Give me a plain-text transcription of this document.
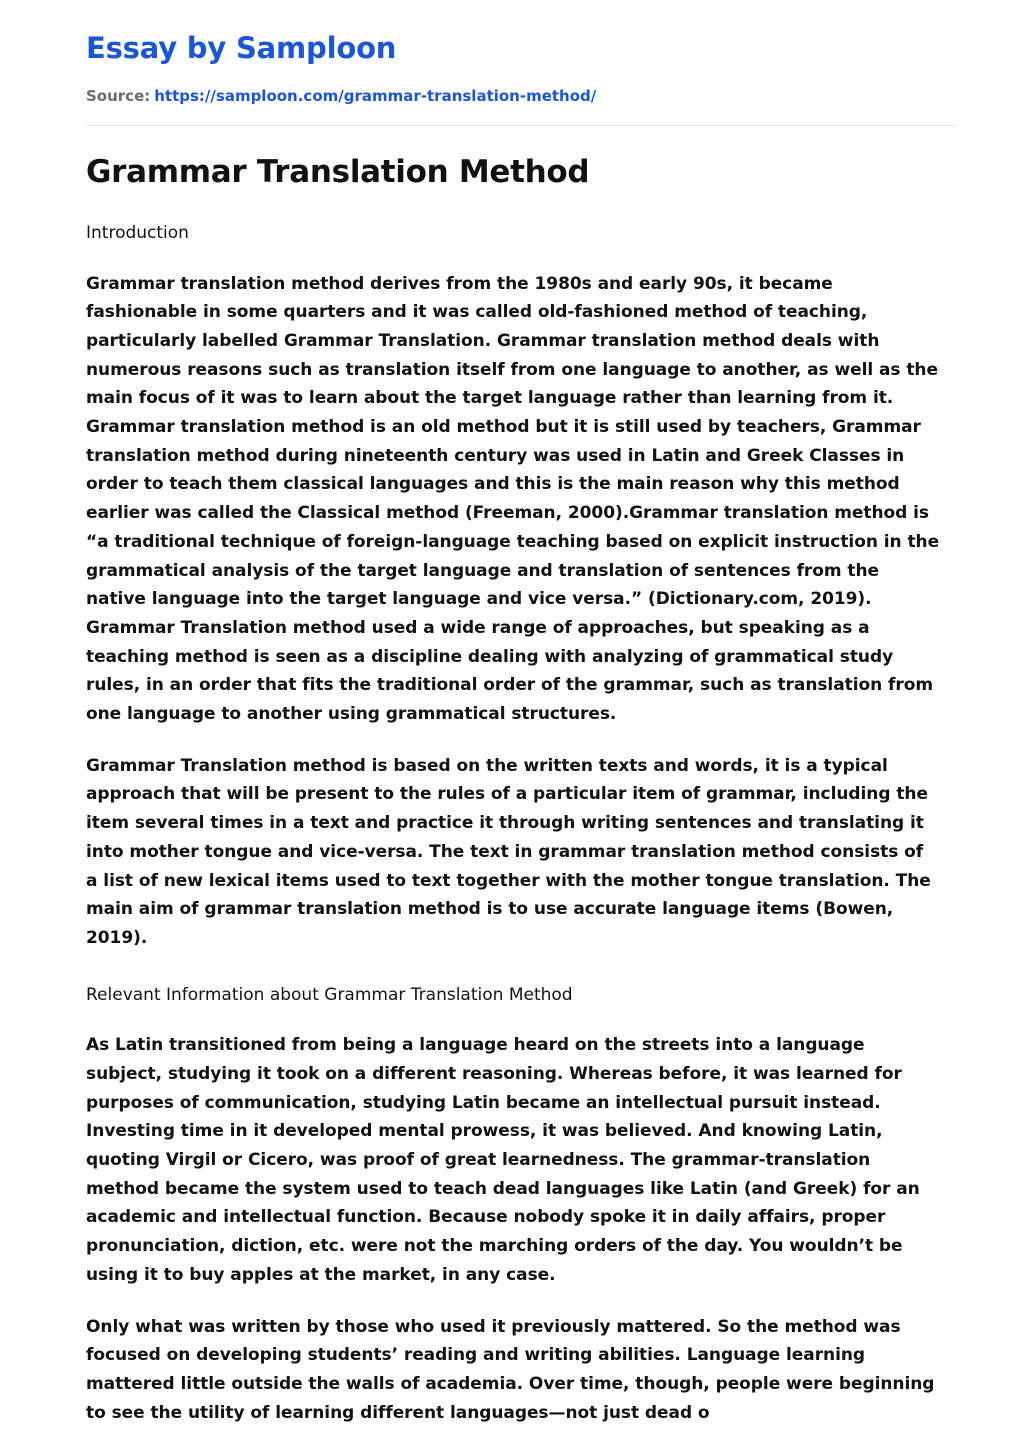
Essay by Samploon
Source: https://samploon.com/grammar-translation-method/
Grammar Translation Method
Introduction

Grammar translation method derives from the 1980s and early 90s, it became fashionable in some quarters and it was called old-fashioned method of teaching, particularly labelled Grammar Translation. Grammar translation method deals with numerous reasons such as translation itself from one language to another, as well as the main focus of it was to learn about the target language rather than learning from it. Grammar translation method is an old method but it is still used by teachers, Grammar translation method during nineteenth century was used in Latin and Greek Classes in order to teach them classical languages and this is the main reason why this method earlier was called the Classical method (Freeman, 2000).Grammar translation method is “a traditional technique of foreign-language teaching based on explicit instruction in the grammatical analysis of the target language and translation of sentences from the native language into the target language and vice versa.” (Dictionary.com, 2019). Grammar Translation method used a wide range of approaches, but speaking as a teaching method is seen as a discipline dealing with analyzing of grammatical study rules, in an order that fits the traditional order of the grammar, such as translation from one language to another using grammatical structures.

Grammar Translation method is based on the written texts and words, it is a typical approach that will be present to the rules of a particular item of grammar, including the item several times in a text and practice it through writing sentences and translating it into mother tongue and vice-versa. The text in grammar translation method consists of a list of new lexical items used to text together with the mother tongue translation. The main aim of grammar translation method is to use accurate language items (Bowen, 2019).

Relevant Information about Grammar Translation Method

As Latin transitioned from being a language heard on the streets into a language subject, studying it took on a different reasoning. Whereas before, it was learned for purposes of communication, studying Latin became an intellectual pursuit instead. Investing time in it developed mental prowess, it was believed. And knowing Latin, quoting Virgil or Cicero, was proof of great learnedness. The grammar-translation method became the system used to teach dead languages like Latin (and Greek) for an academic and intellectual function. Because nobody spoke it in daily affairs, proper pronunciation, diction, etc. were not the marching orders of the day. You wouldn’t be using it to buy apples at the market, in any case.

Only what was written by those who used it previously mattered. So the method was focused on developing students’ reading and writing abilities. Language learning mattered little outside the walls of academia. Over time, though, people were beginning to see the utility of learning different languages—not just dead o
